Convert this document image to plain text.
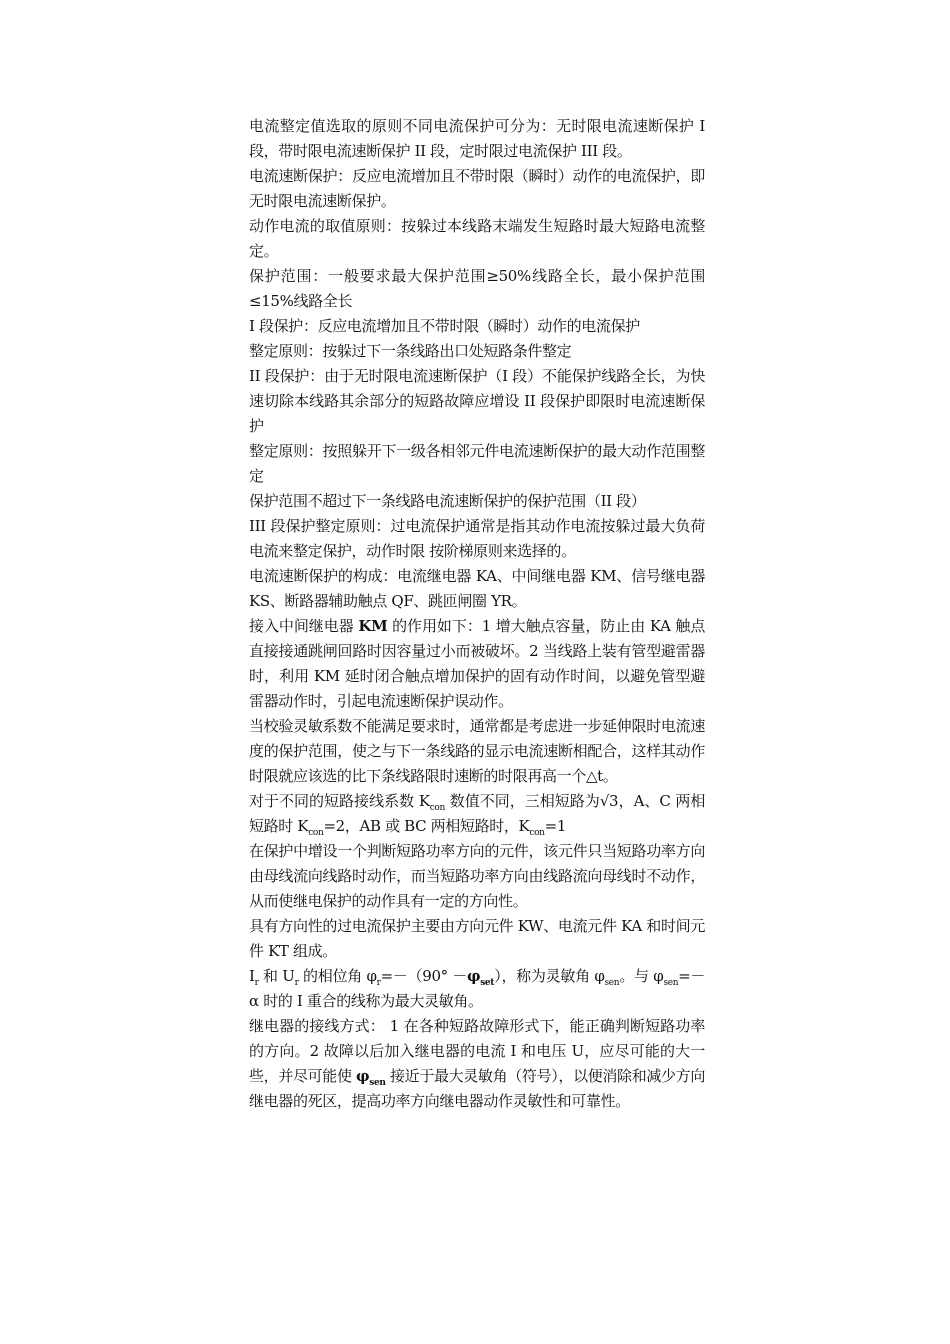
电流整定值选取的原则不同电流保护可分为：无时限电流速断保护 I 段，带时限电流速断保护 II 段，定时限过电流保护 III 段。

电流速断保护：反应电流增加且不带时限（瞬时）动作的电流保护，即无时限电流速断保护。

动作电流的取值原则：按躲过本线路末端发生短路时最大短路电流整定。

保护范围：一般要求最大保护范围≥50%线路全长，最小保护范围≤15%线路全长

I 段保护：反应电流增加且不带时限（瞬时）动作的电流保护

整定原则：按躲过下一条线路出口处短路条件整定

II 段保护：由于无时限电流速断保护（I 段）不能保护线路全长，为快速切除本线路其余部分的短路故障应增设 II 段保护即限时电流速断保护

整定原则：按照躲开下一级各相邻元件电流速断保护的最大动作范围整定

保护范围不超过下一条线路电流速断保护的保护范围（II 段）

III 段保护整定原则：过电流保护通常是指其动作电流按躲过最大负荷电流来整定保护，动作时限 按阶梯原则来选择的。

电流速断保护的构成：电流继电器 KA、中间继电器 KM、信号继电器 KS、断路器辅助触点 QF、跳匝闸圈 YR。

接入中间继电器 KM 的作用如下：1 增大触点容量，防止由 KA 触点直接接通跳闸回路时因容量过小而被破坏。2 当线路上装有管型避雷器时，利用 KM 延时闭合触点增加保护的固有动作时间，以避免管型避雷器动作时，引起电流速断保护误动作。

当校验灵敏系数不能满足要求时，通常都是考虑进一步延伸限时电流速度的保护范围，使之与下一条线路的显示电流速断相配合，这样其动作时限就应该选的比下条线路限时速断的时限再高一个△t。

对于不同的短路接线系数 $K_{con}$ 数值不同，三相短路为√3，A、C 两相短路时 $K_{con}=2$，AB 或 BC 两相短路时，$K_{con}=1$

在保护中增设一个判断短路功率方向的元件，该元件只当短路功率方向由母线流向线路时动作，而当短路功率方向由线路流向母线时不动作，从而使继电保护的动作具有一定的方向性。

具有方向性的过电流保护主要由方向元件 KW、电流元件 KA 和时间元件 KT 组成。

$I_r$ 和 $U_r$ 的相位角 $\varphi_r=-(90^\circ -\varphi_{set})$，称为灵敏角 $\varphi_{sen}$。与 $\varphi_{sen}=-\alpha$ 时的 I 重合的线称为最大灵敏角。

继电器的接线方式： 1 在各种短路故障形式下，能正确判断短路功率的方向。2 故障以后加入继电器的电流 I 和电压 U，应尽可能的大一些，并尽可能使 $\varphi_{sen}$ 接近于最大灵敏角（符号），以便消除和减少方向继电器的死区，提高功率方向继电器动作灵敏性和可靠性。
